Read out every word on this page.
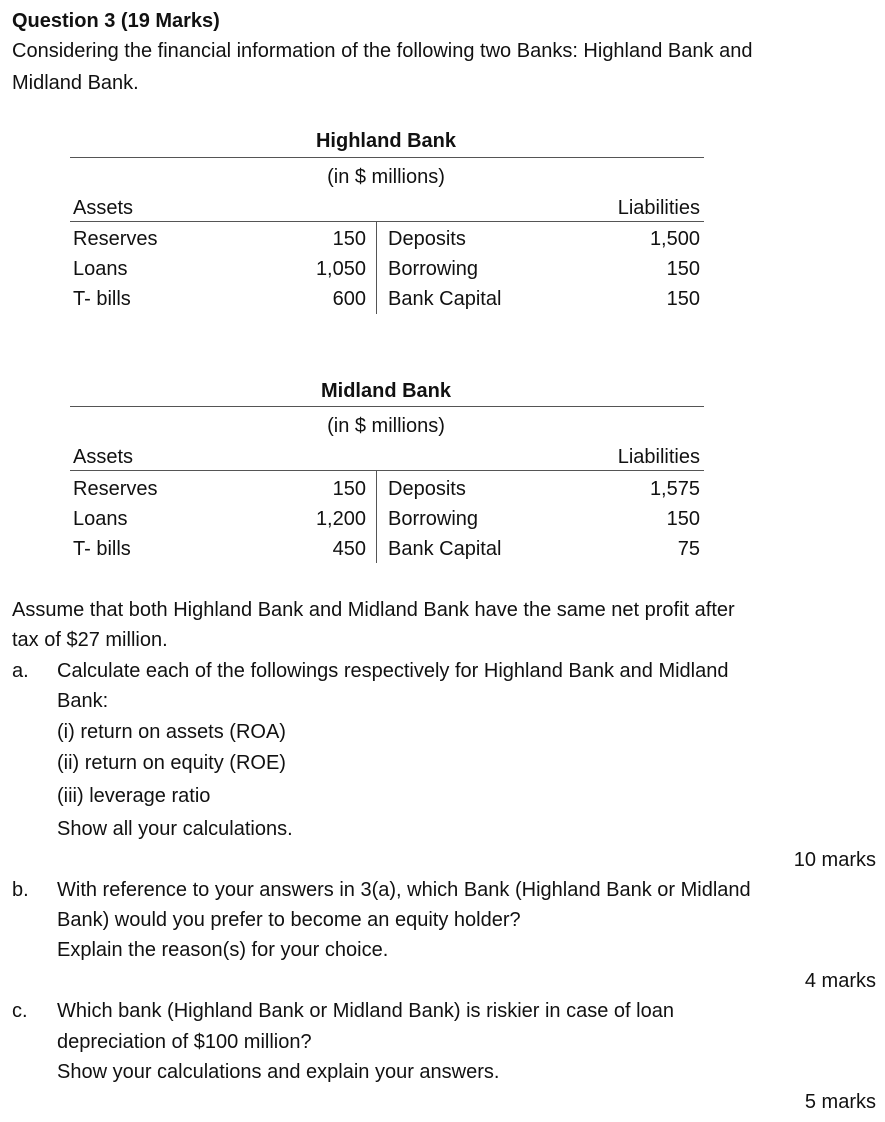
Question 3 (19 Marks)
Considering the financial information of the following two Banks: Highland Bank and
Midland Bank.
Highland Bank
(in $ millions)
Assets	Liabilities
Reserves	150 Deposits	1,500
Loans	1,050 Borrowing	150
T- bills	600 Bank Capital	150
Midland Bank
(in $ millions)
Assets	Liabilities
Reserves	150 Deposits	1,575
Loans	1,200 Borrowing	150
T- bills	450 Bank Capital	75
Assume that both Highland Bank and Midland Bank have the same net profit after
tax of $27 million.
a. Calculate each of the followings respectively for Highland Bank and Midland
Bank:
(i) return on assets (ROA)
(ii) return on equity (ROE)
(iii) leverage ratio
Show all your calculations.
10 marks
b. With reference to your answers in 3(a), which Bank (Highland Bank or Midland
Bank) would you prefer to become an equity holder?
Explain the reason(s) for your choice.
4 marks
c. Which bank (Highland Bank or Midland Bank) is riskier in case of loan
depreciation of $100 million?
Show your calculations and explain your answers.
5 marks
